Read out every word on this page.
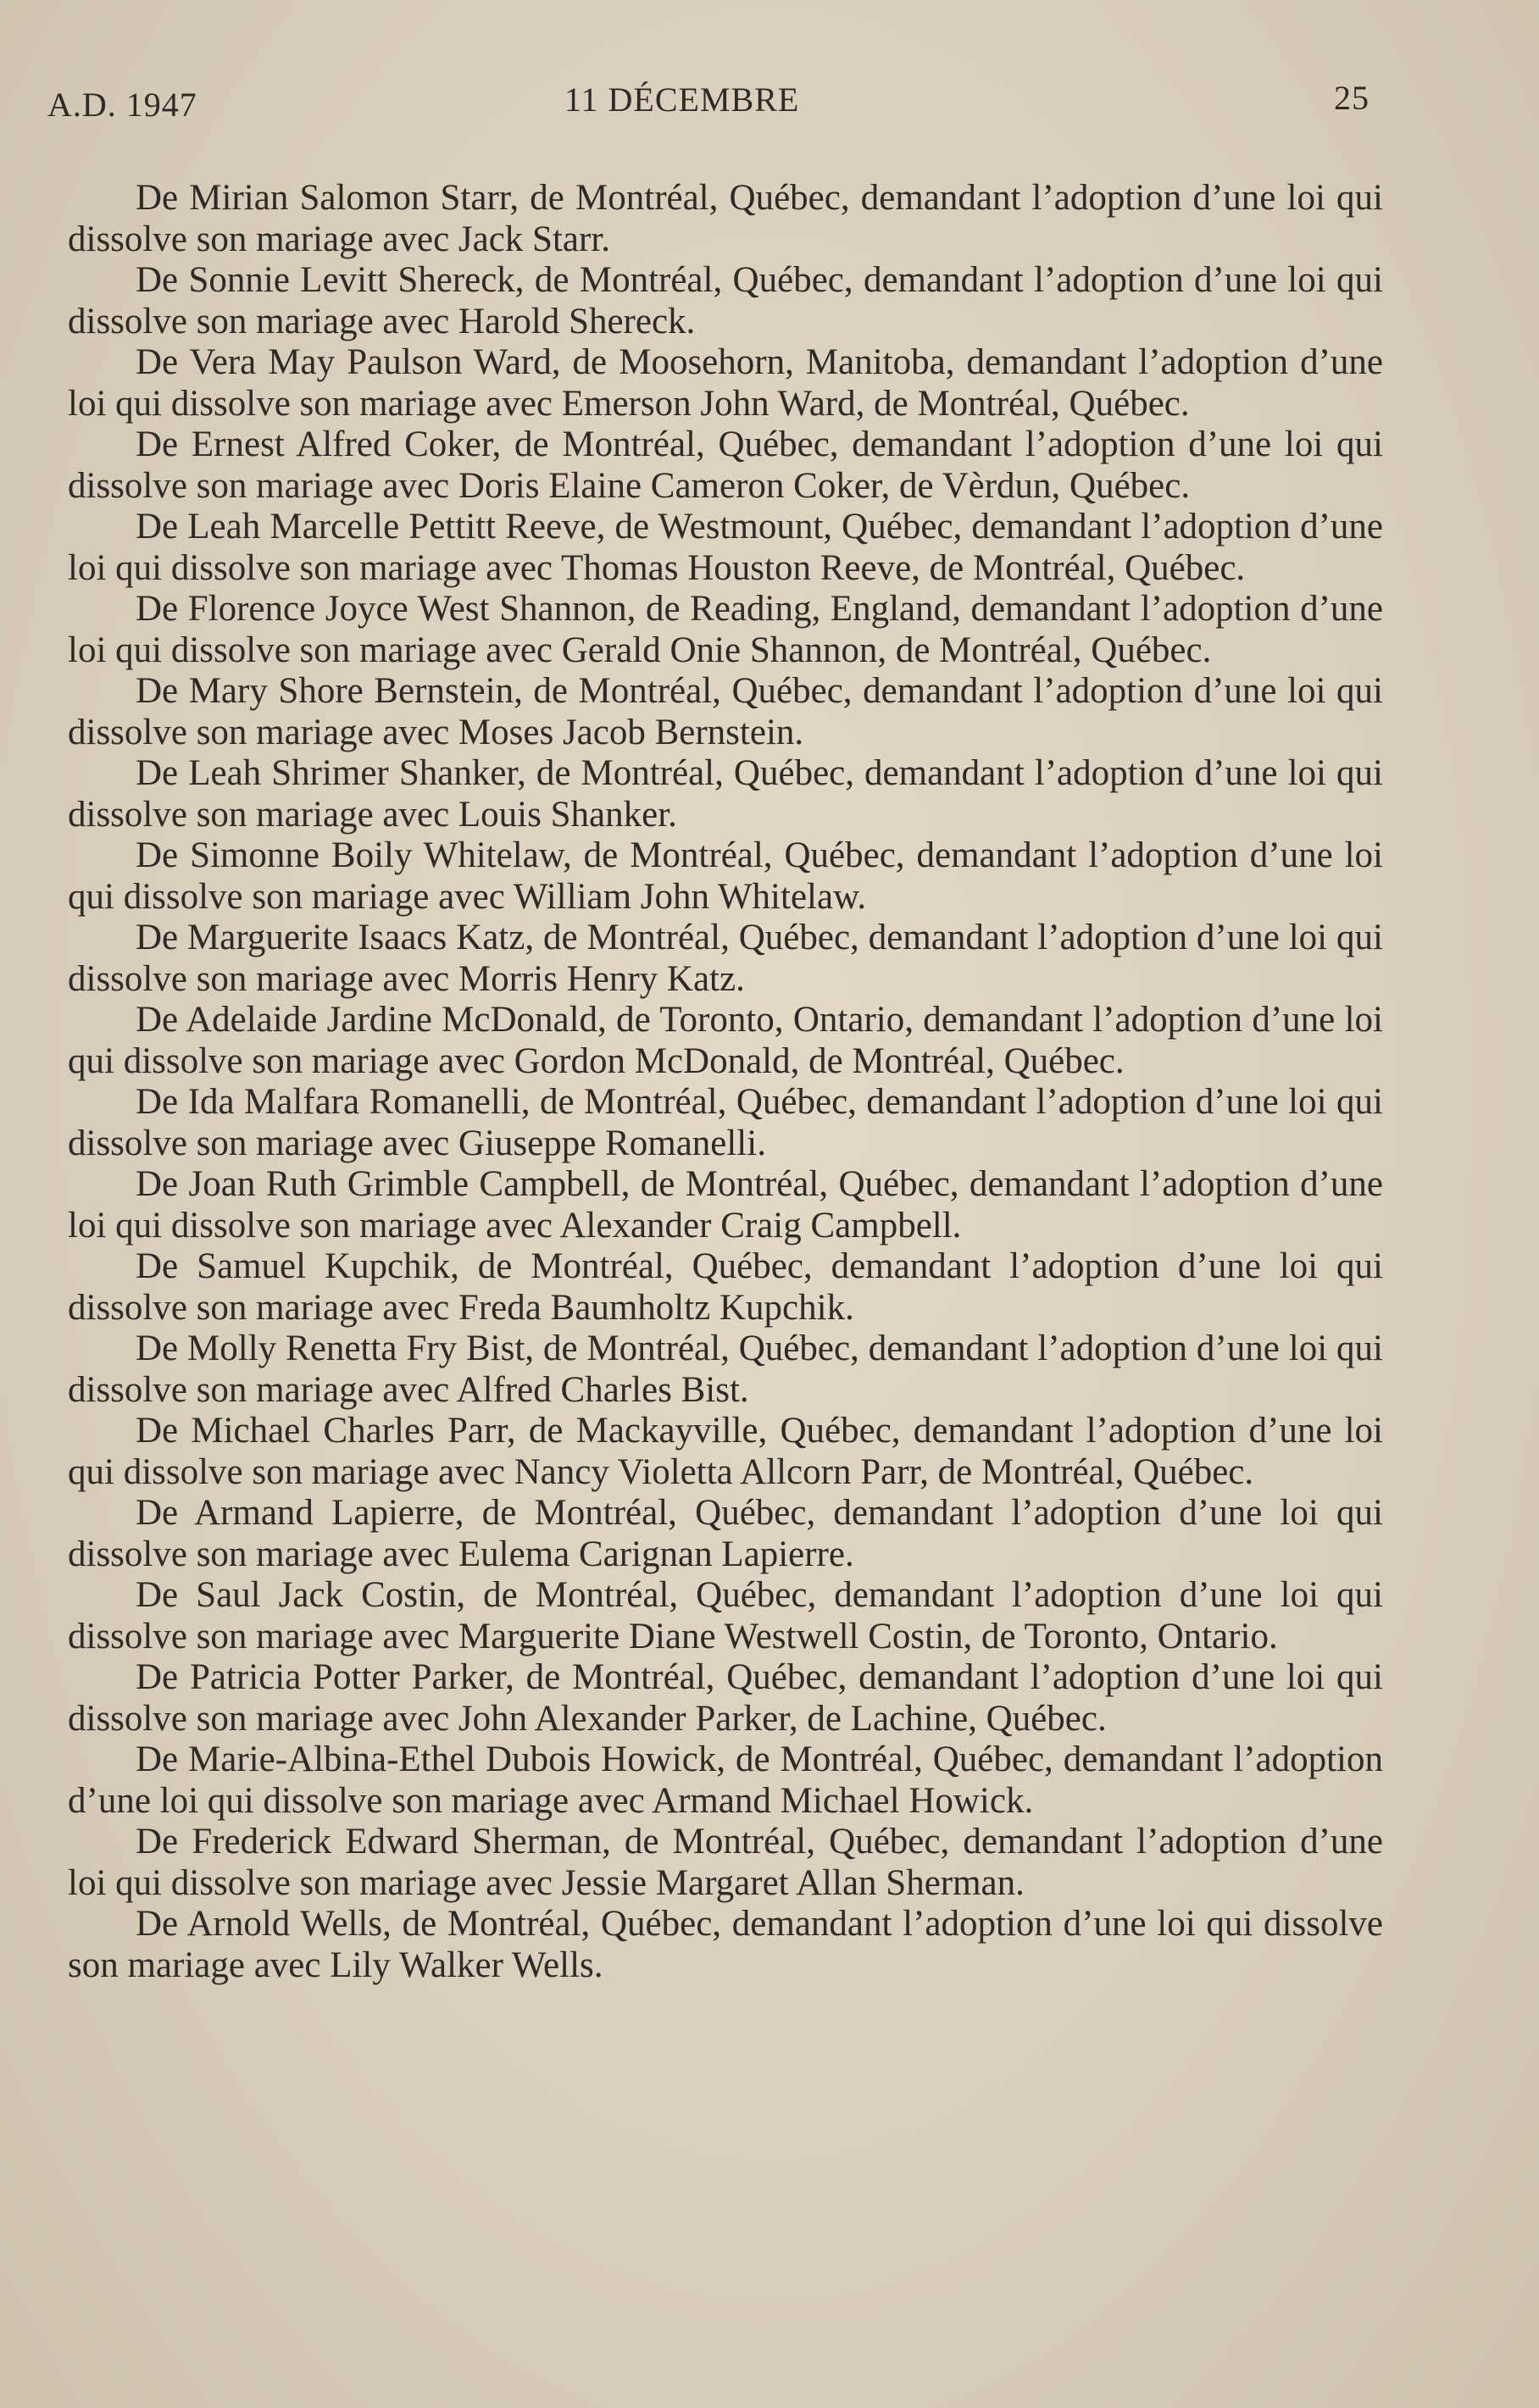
A.D. 1947	11 DÉCEMBRE	25

De Mirian Salomon Starr, de Montréal, Québec, demandant l’adoption d’une loi qui dissolve son mariage avec Jack Starr.

De Sonnie Levitt Shereck, de Montréal, Québec, demandant l’adoption d’une loi qui dissolve son mariage avec Harold Shereck.

De Vera May Paulson Ward, de Moosehorn, Manitoba, demandant l’adoption d’une loi qui dissolve son mariage avec Emerson John Ward, de Montréal, Québec.

De Ernest Alfred Coker, de Montréal, Québec, demandant l’adoption d’une loi qui dissolve son mariage avec Doris Elaine Cameron Coker, de Vèrdun, Québec.

De Leah Marcelle Pettitt Reeve, de Westmount, Québec, demandant l’adoption d’une loi qui dissolve son mariage avec Thomas Houston Reeve, de Montréal, Québec.

De Florence Joyce West Shannon, de Reading, England, demandant l’adoption d’une loi qui dissolve son mariage avec Gerald Onie Shannon, de Montréal, Québec.

De Mary Shore Bernstein, de Montréal, Québec, demandant l’adoption d’une loi qui dissolve son mariage avec Moses Jacob Bernstein.

De Leah Shrimer Shanker, de Montréal, Québec, demandant l’adoption d’une loi qui dissolve son mariage avec Louis Shanker.

De Simonne Boily Whitelaw, de Montréal, Québec, demandant l’adoption d’une loi qui dissolve son mariage avec William John Whitelaw.

De Marguerite Isaacs Katz, de Montréal, Québec, demandant l’adoption d’une loi qui dissolve son mariage avec Morris Henry Katz.

De Adelaide Jardine McDonald, de Toronto, Ontario, demandant l’adoption d’une loi qui dissolve son mariage avec Gordon McDonald, de Montréal, Québec.

De Ida Malfara Romanelli, de Montréal, Québec, demandant l’adoption d’une loi qui dissolve son mariage avec Giuseppe Romanelli.

De Joan Ruth Grimble Campbell, de Montréal, Québec, demandant l’adoption d’une loi qui dissolve son mariage avec Alexander Craig Campbell.

De Samuel Kupchik, de Montréal, Québec, demandant l’adoption d’une loi qui dissolve son mariage avec Freda Baumholtz Kupchik.

De Molly Renetta Fry Bist, de Montréal, Québec, demandant l’adoption d’une loi qui dissolve son mariage avec Alfred Charles Bist.

De Michael Charles Parr, de Mackayville, Québec, demandant l’adoption d’une loi qui dissolve son mariage avec Nancy Violetta Allcorn Parr, de Montréal, Québec.

De Armand Lapierre, de Montréal, Québec, demandant l’adoption d’une loi qui dissolve son mariage avec Eulema Carignan Lapierre.

De Saul Jack Costin, de Montréal, Québec, demandant l’adoption d’une loi qui dissolve son mariage avec Marguerite Diane Westwell Costin, de Toronto, Ontario.

De Patricia Potter Parker, de Montréal, Québec, demandant l’adoption d’une loi qui dissolve son mariage avec John Alexander Parker, de Lachine, Québec.

De Marie-Albina-Ethel Dubois Howick, de Montréal, Québec, demandant l’adoption d’une loi qui dissolve son mariage avec Armand Michael Howick.

De Frederick Edward Sherman, de Montréal, Québec, demandant l’adoption d’une loi qui dissolve son mariage avec Jessie Margaret Allan Sherman.

De Arnold Wells, de Montréal, Québec, demandant l’adoption d’une loi qui dissolve son mariage avec Lily Walker Wells.
